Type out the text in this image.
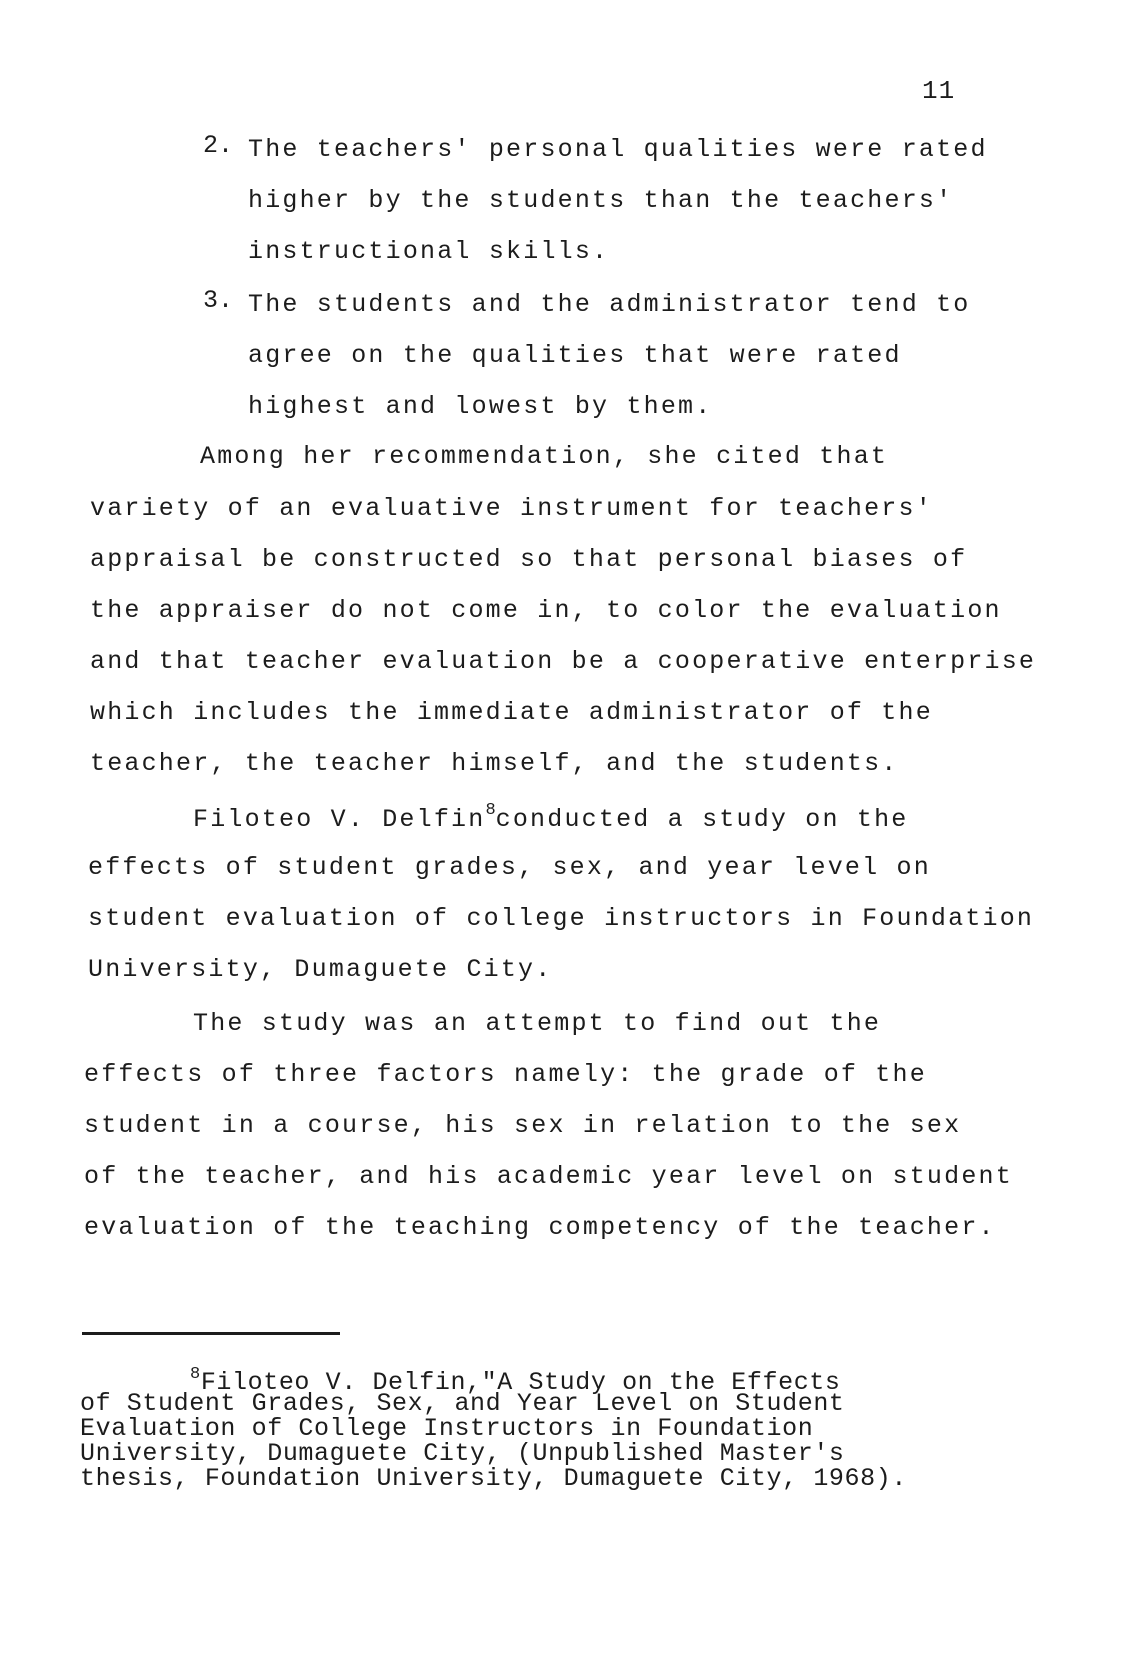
11
2. The teachers' personal qualities were rated
higher by the students than the teachers'
instructional skills.
3. The students and the administrator tend to
agree on the qualities that were rated
highest and lowest by them.
Among her recommendation, she cited that
variety of an evaluative instrument for teachers'
appraisal be constructed so that personal biases of
the appraiser do not come in, to color the evaluation
and that teacher evaluation be a cooperative enterprise
which includes the immediate administrator of the
teacher, the teacher himself, and the students.
Filoteo V. Delfin$^8$conducted a study on the
effects of student grades, sex, and year level on
student evaluation of college instructors in Foundation
University, Dumaguete City.
The study was an attempt to find out the
effects of three factors namely: the grade of the
student in a course, his sex in relation to the sex
of the teacher, and his academic year level on student
evaluation of the teaching competency of the teacher.
$^8$Filoteo V. Delfin,"A Study on the Effects
of Student Grades, Sex, and Year Level on Student
Evaluation of College Instructors in Foundation
University, Dumaguete City, (Unpublished Master's
thesis, Foundation University, Dumaguete City, 1968).
